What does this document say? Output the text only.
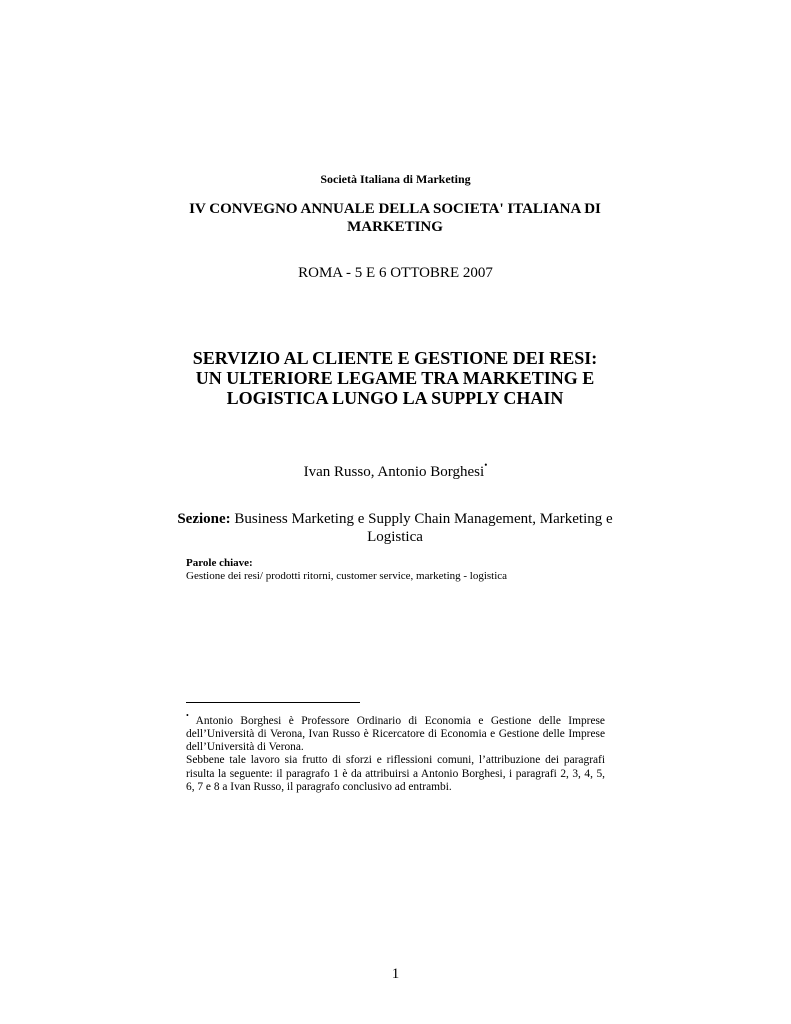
Società Italiana di Marketing
IV CONVEGNO ANNUALE DELLA SOCIETA' ITALIANA DI MARKETING
ROMA - 5 E 6 OTTOBRE 2007
SERVIZIO AL CLIENTE E GESTIONE DEI RESI:
UN ULTERIORE LEGAME TRA MARKETING E
LOGISTICA LUNGO LA SUPPLY CHAIN
Ivan Russo, Antonio Borghesi•
Sezione: Business Marketing e Supply Chain Management, Marketing e Logistica
Parole chiave:
Gestione dei resi/ prodotti ritorni, customer service, marketing - logistica

• Antonio Borghesi è Professore Ordinario di Economia e Gestione delle Imprese dell’Università di Verona, Ivan Russo è Ricercatore di Economia e Gestione delle Imprese dell’Università di Verona.

Sebbene tale lavoro sia frutto di sforzi e riflessioni comuni, l’attribuzione dei paragrafi risulta la seguente: il paragrafo 1 è da attribuirsi a Antonio Borghesi, i paragrafi 2, 3, 4, 5, 6, 7 e 8 a Ivan Russo, il paragrafo conclusivo ad entrambi.

1
